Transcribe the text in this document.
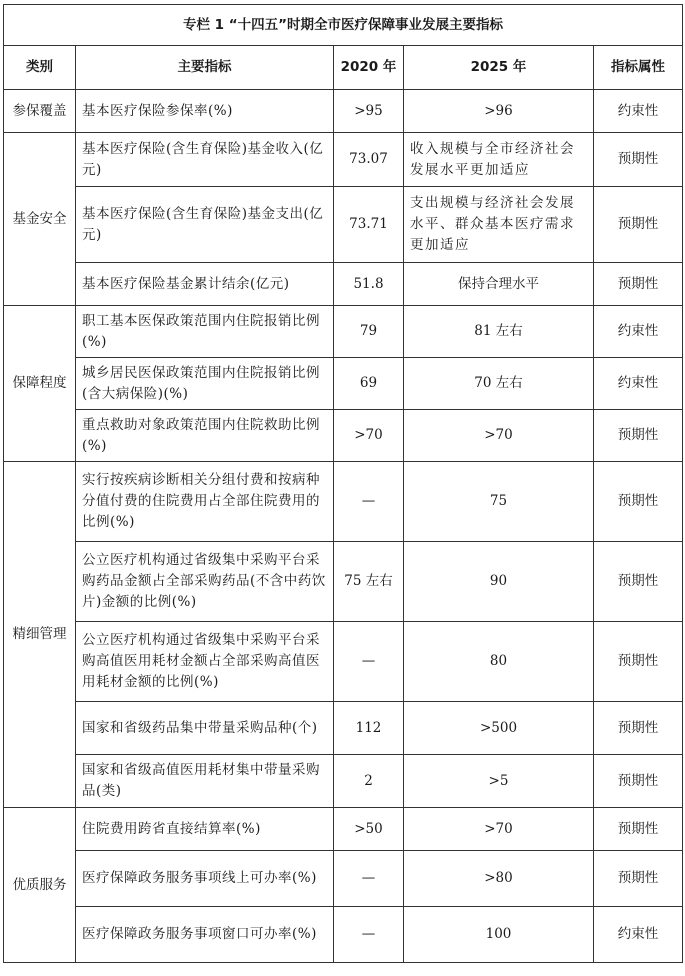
专栏 1 “十四五”时期全市医疗保障事业发展主要指标				
类别	主要指标	2020 年	2025 年	指标属性
参保覆盖	基本医疗保险参保率(%)	>95	>96	约束性
基金安全	基本医疗保险(含生育保险)基金收入(亿元)	73.07	收入规模与全市经济社会发展水平更加适应	预期性
	基本医疗保险(含生育保险)基金支出(亿元)	73.71	支出规模与经济社会发展水平、群众基本医疗需求更加适应	预期性
	基本医疗保险基金累计结余(亿元)	51.8	保持合理水平	预期性
保障程度	职工基本医保政策范围内住院报销比例(%)	79	81 左右	约束性
	城乡居民医保政策范围内住院报销比例(含大病保险)(%)	69	70 左右	约束性
	重点救助对象政策范围内住院救助比例(%)	>70	>70	预期性
精细管理	实行按疾病诊断相关分组付费和按病种分值付费的住院费用占全部住院费用的比例(%)	—	75	预期性
	公立医疗机构通过省级集中采购平台采购药品金额占全部采购药品(不含中药饮片)金额的比例(%)	75 左右	90	预期性
	公立医疗机构通过省级集中采购平台采购高值医用耗材金额占全部采购高值医用耗材金额的比例(%)	—	80	预期性
	国家和省级药品集中带量采购品种(个)	112	>500	预期性
	国家和省级高值医用耗材集中带量采购品(类)	2	>5	预期性
优质服务	住院费用跨省直接结算率(%)	>50	>70	预期性
	医疗保障政务服务事项线上可办率(%)	—	>80	预期性
	医疗保障政务服务事项窗口可办率(%)	—	100	约束性
